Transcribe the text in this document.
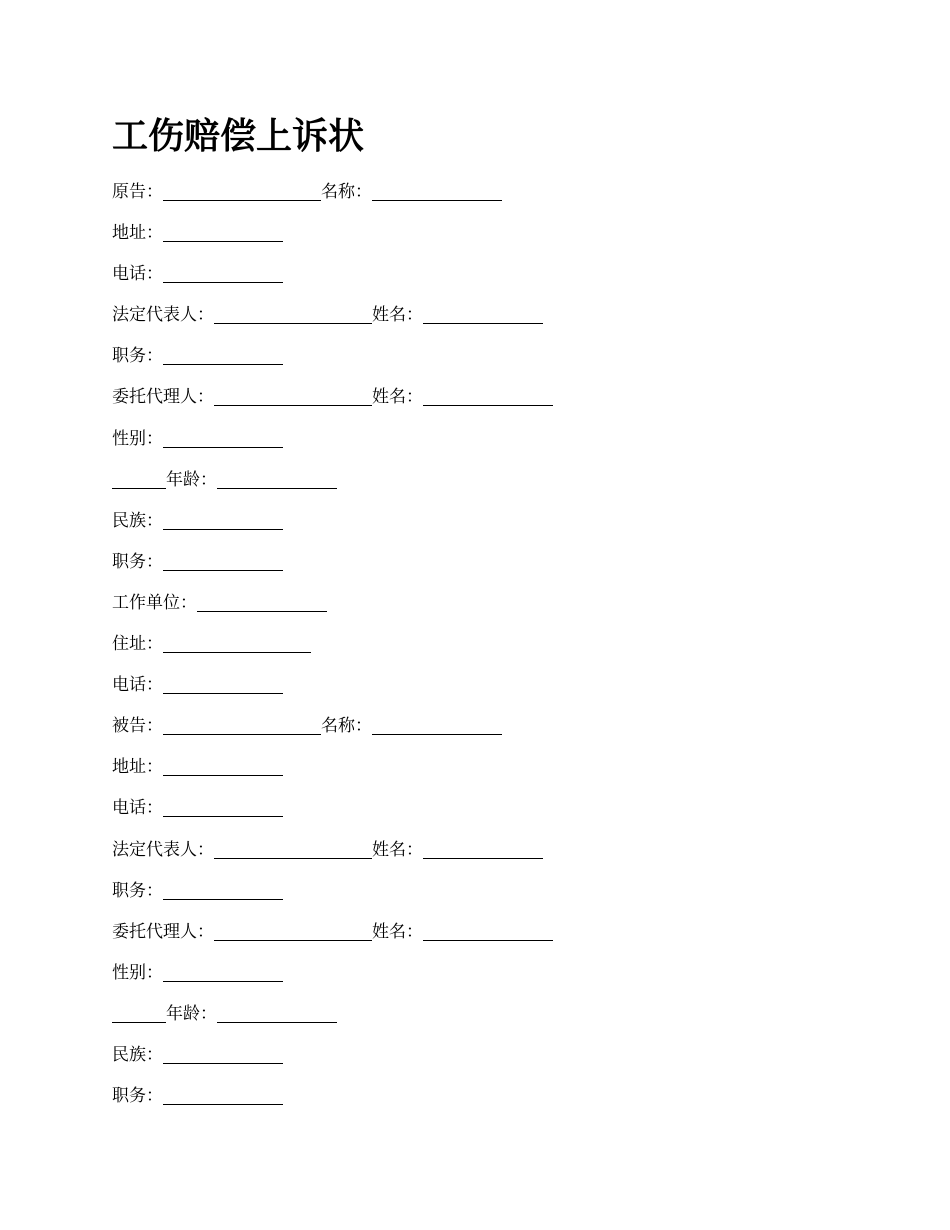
工伤赔偿上诉状
原告：	名称：
地址：
电话：
法定代表人：	姓名：
职务：
委托代理人：	姓名：
性别：
年龄：
民族：
职务：
工作单位：
住址：
电话：
被告：	名称：
地址：
电话：
法定代表人：	姓名：
职务：
委托代理人：	姓名：
性别：
年龄：
民族：
职务：
